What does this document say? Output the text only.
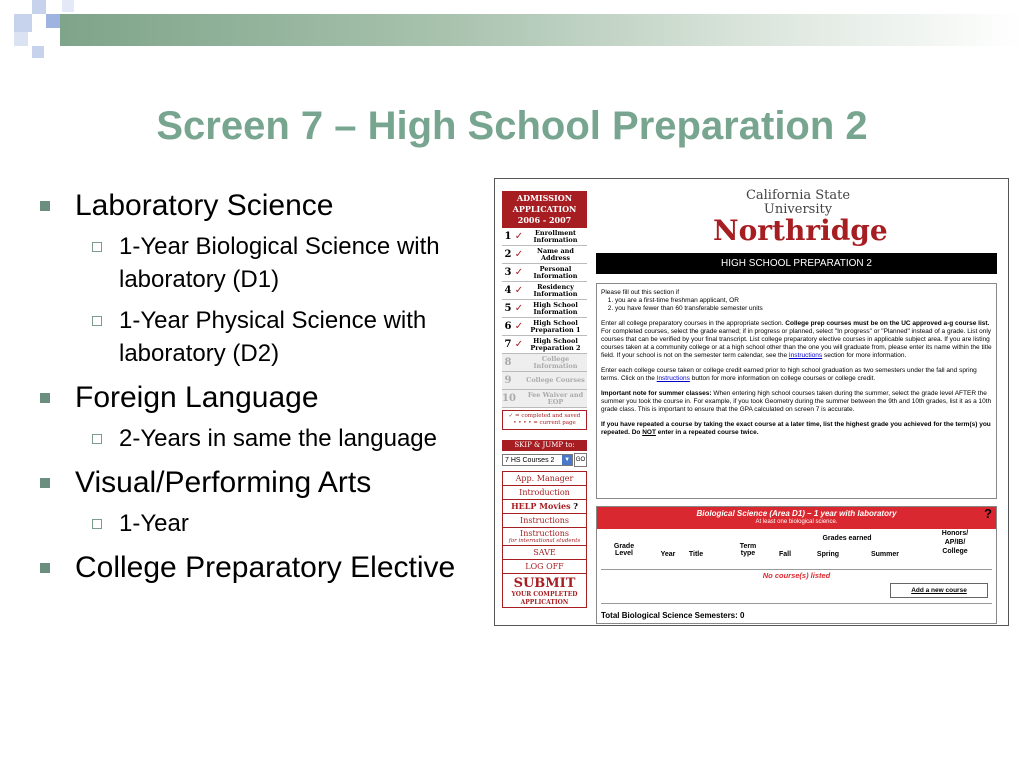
Screen 7 – High School Preparation 2
Laboratory Science
1-Year Biological Science with laboratory (D1)
1-Year Physical Science with laboratory (D2)
Foreign Language
2-Years in same the language
Visual/Performing Arts
1-Year
College Preparatory Elective
ADMISSION
APPLICATION
2006 - 2007
1 ✓	Enrollment Information
2 ✓	Name and Address
3 ✓	Personal Information
4 ✓	Residency Information
5 ✓	High School Information
6 ✓	High School Preparation 1
7 ✓	High School Preparation 2
8	College Information
9	College Courses
10	Fee Waiver and EOP
✓ = completed and saved
• • • • = current page
SKIP & JUMP to:
7 HS Courses 2	▼ GO
App. Manager
Introduction
HELP Movies ?
Instructions
Instructions
for international students
SAVE
LOG OFF
SUBMIT
YOUR COMPLETED
APPLICATION
California State University
Northridge
HIGH SCHOOL PREPARATION 2

Please fill out this section if

1. you are a first-time freshman applicant, OR
2. you have fewer than 60 transferable semester units

Enter all college preparatory courses in the appropriate section. College prep courses must be on the UC approved a-g course list. For completed courses, select the grade earned; if in progress or planned, select "In progress" or "Planned" instead of a grade. List only courses that can be verified by your final transcript. List college preparatory elective courses in applicable subject area. If you are listing courses taken at a community college or at a high school other than the one you will graduate from, please enter its name within the title field. If your school is not on the semester term calendar, see the Instructions section for more information.

Enter each college course taken or college credit earned prior to high school graduation as two semesters under the fall and spring terms. Click on the Instructions button for more information on college courses or college credit.

Important note for summer classes: When entering high school courses taken during the summer, select the grade level AFTER the summer you took the course in. For example, if you took Geometry during the summer between the 9th and 10th grades, list it as a 10th grade class. This is important to ensure that the GPA calculated on screen 7 is accurate.

If you have repeated a course by taking the exact course at a later time, list the highest grade you achieved for the term(s) you repeated. Do NOT enter in a repeated course twice.

Biological Science (Area D1) – 1 year with laboratory
At least one biological science.
?
Grade Level	Year	Title
Term type
Grades earned
Fall	Spring	Summer
Honors/ AP/IB/ College
No course(s) listed
Add a new course
Total Biological Science Semesters: 0
